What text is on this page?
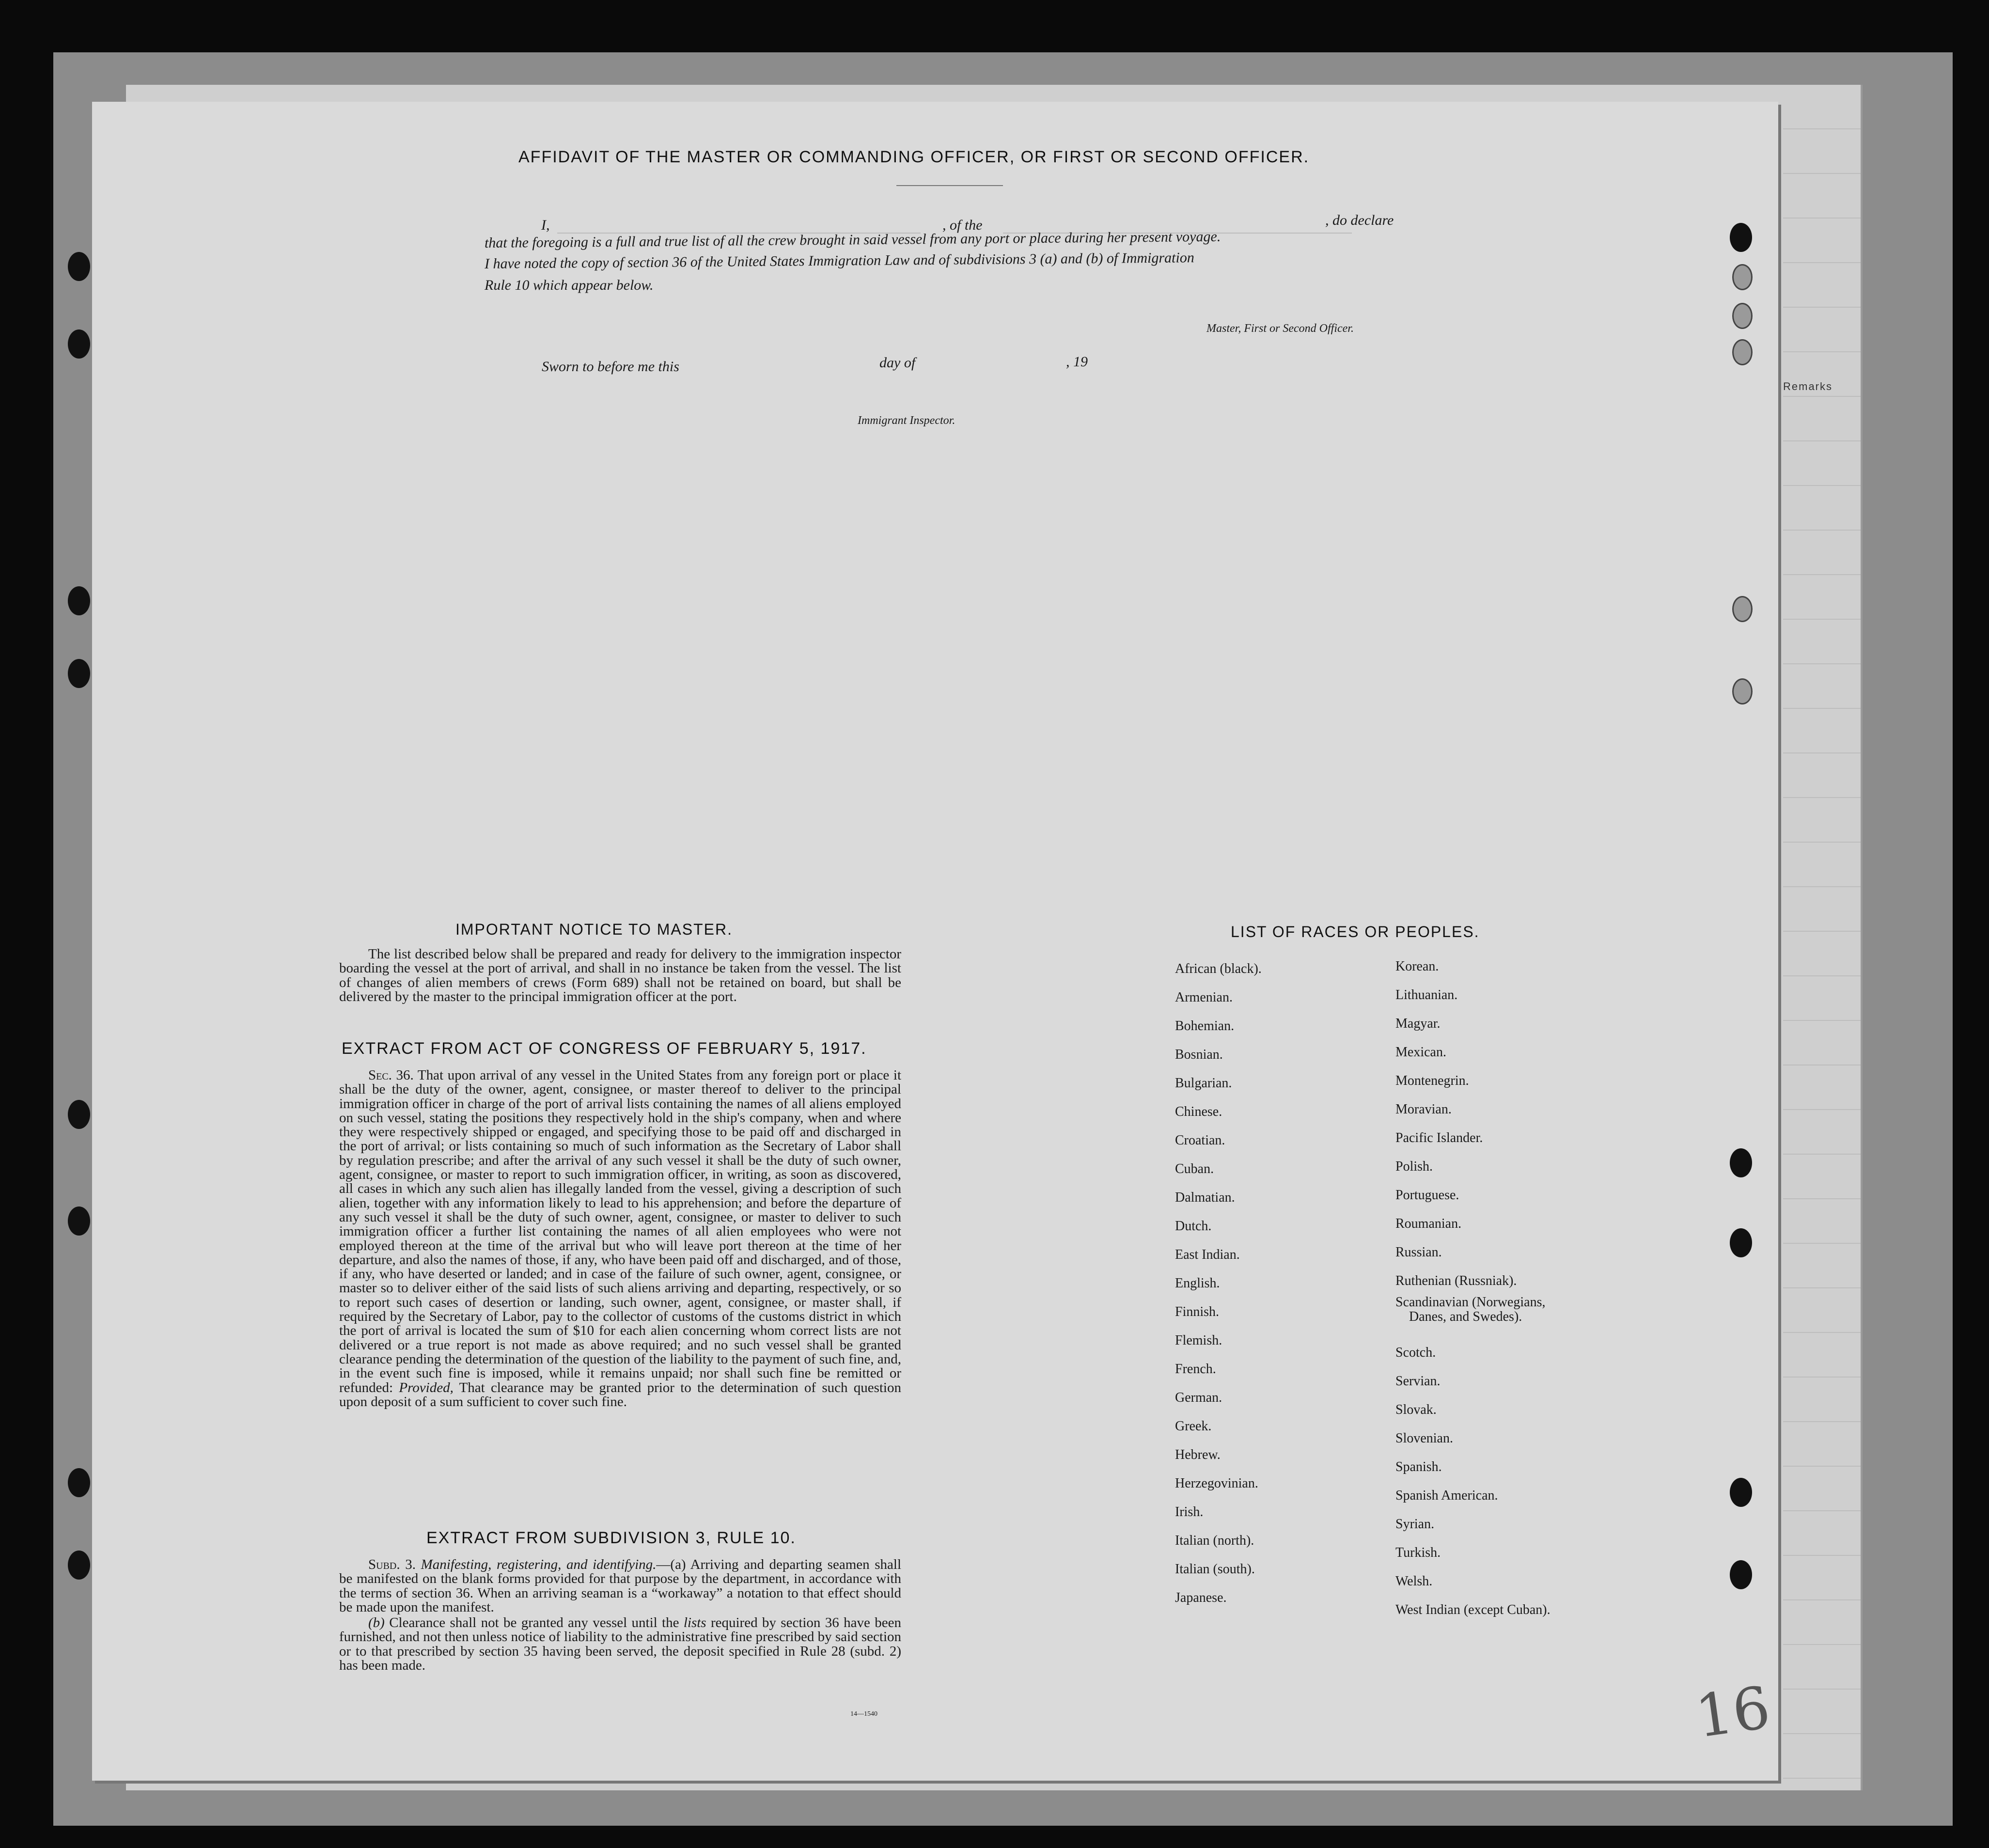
Remarks
AFFIDAVIT OF THE MASTER OR COMMANDING OFFICER, OR FIRST OR SECOND OFFICER.
I,	, of the	, do declare
that the foregoing is a full and true list of all the crew brought in said vessel from any port or place during her present voyage.
I have noted the copy of section 36 of the United States Immigration Law and of subdivisions 3 (a) and (b) of Immigration
Rule 10 which appear below.
Master, First or Second Officer.
Sworn to before me this	day of	, 19
Immigrant Inspector.
IMPORTANT NOTICE TO MASTER.
The list described below shall be prepared and ready for delivery to the immigration inspector boarding the vessel at the port of arrival, and shall in no instance be taken from the vessel. The list of changes of alien members of crews (Form 689) shall not be retained on board, but shall be delivered by the master to the principal immigration officer at the port.
EXTRACT FROM ACT OF CONGRESS OF FEBRUARY 5, 1917.
Sec. 36. That upon arrival of any vessel in the United States from any foreign port or place it shall be the duty of the owner, agent, consignee, or master thereof to deliver to the principal immigration officer in charge of the port of arrival lists containing the names of all aliens employed on such vessel, stating the positions they respectively hold in the ship's company, when and where they were respectively shipped or engaged, and specifying those to be paid off and discharged in the port of arrival; or lists containing so much of such information as the Secretary of Labor shall by regulation prescribe; and after the arrival of any such vessel it shall be the duty of such owner, agent, consignee, or master to report to such immigration officer, in writing, as soon as discovered, all cases in which any such alien has illegally landed from the vessel, giving a description of such alien, together with any information likely to lead to his apprehension; and before the departure of any such vessel it shall be the duty of such owner, agent, consignee, or master to deliver to such immigration officer a further list containing the names of all alien employees who were not employed thereon at the time of the arrival but who will leave port thereon at the time of her departure, and also the names of those, if any, who have been paid off and discharged, and of those, if any, who have deserted or landed; and in case of the failure of such owner, agent, consignee, or master so to deliver either of the said lists of such aliens arriving and departing, respectively, or so to report such cases of desertion or landing, such owner, agent, consignee, or master shall, if required by the Secretary of Labor, pay to the collector of customs of the customs district in which the port of arrival is located the sum of $10 for each alien concerning whom correct lists are not delivered or a true report is not made as above required; and no such vessel shall be granted clearance pending the determination of the question of the liability to the payment of such fine, and, in the event such fine is imposed, while it remains unpaid; nor shall such fine be remitted or refunded: Provided, That clearance may be granted prior to the determination of such question upon deposit of a sum sufficient to cover such fine.
EXTRACT FROM SUBDIVISION 3, RULE 10.
Subd. 3. Manifesting, registering, and identifying.—(a) Arriving and departing seamen shall be manifested on the blank forms provided for that purpose by the department, in accordance with the terms of section 36. When an arriving seaman is a “workaway” a notation to that effect should be made upon the manifest.
(b) Clearance shall not be granted any vessel until the lists required by section 36 have been furnished, and not then unless notice of liability to the administrative fine prescribed by said section or to that prescribed by section 35 having been served, the deposit specified in Rule 28 (subd. 2) has been made.
14—1540
LIST OF RACES OR PEOPLES.
African (black).
Armenian.
Bohemian.
Bosnian.
Bulgarian.
Chinese.
Croatian.
Cuban.
Dalmatian.
Dutch.
East Indian.
English.
Finnish.
Flemish.
French.
German.
Greek.
Hebrew.
Herzegovinian.
Irish.
Italian (north).
Italian (south).
Japanese.
Korean.
Lithuanian.
Magyar.
Mexican.
Montenegrin.
Moravian.
Pacific Islander.
Polish.
Portuguese.
Roumanian.
Russian.
Ruthenian (Russniak).
Scandinavian (Norwegians,
Danes, and Swedes).
Scotch.
Servian.
Slovak.
Slovenian.
Spanish.
Spanish American.
Syrian.
Turkish.
Welsh.
West Indian (except Cuban).
16
